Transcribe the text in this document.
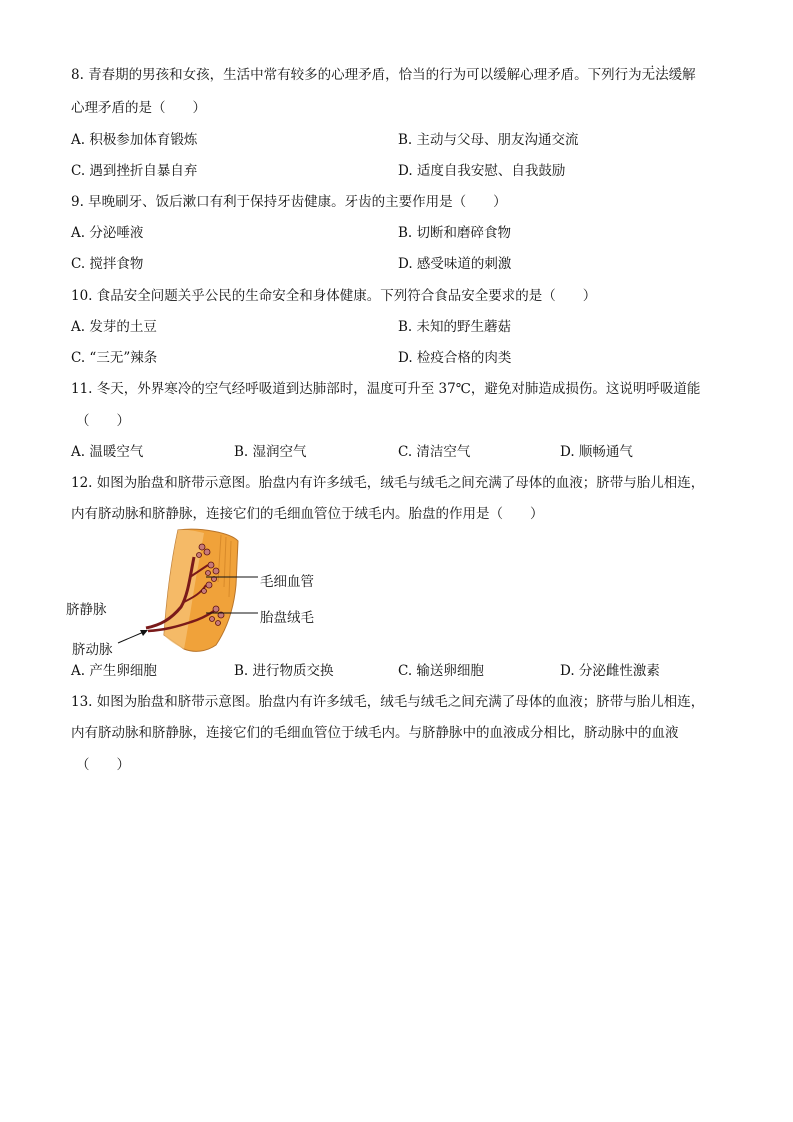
8. 青春期的男孩和女孩，生活中常有较多的心理矛盾，恰当的行为可以缓解心理矛盾。下列行为无法 · ·缓解
心理矛盾的是（　　）
A. 积极参加体育锻炼	B. 主动与父母、朋友沟通交流
C. 遇到挫折自暴自弃	D. 适度自我安慰、自我鼓励
9. 早晚刷牙、饭后漱口有利于保持牙齿健康。牙齿的主要作用是（　　）
A. 分泌唾液	B. 切断和磨碎食物
C. 搅拌食物	D. 感受味道的刺激
10. 食品安全问题关乎公民的生命安全和身体健康。下列符合食品安全要求的是（　　）
A. 发芽的土豆	B. 未知的野生蘑菇
C. “三无”辣条	D. 检疫合格的肉类
11. 冬天，外界寒冷的空气经呼吸道到达肺部时，温度可升至 37℃，避免对肺造成损伤。这说明呼吸道能
（　　）
A. 温暖空气	B. 湿润空气	C. 清洁空气	D. 顺畅通气
12. 如图为胎盘和脐带示意图。胎盘内有许多绒毛，绒毛与绒毛之间充满了母体的血液；脐带与胎儿相连，
内有脐动脉和脐静脉，连接它们的毛细血管位于绒毛内。胎盘的作用是（　　）
毛细血管
胎盘绒毛
脐静脉
脐动脉
A. 产生卵细胞	B. 进行物质交换	C. 输送卵细胞	D. 分泌雌性激素
13. 如图为胎盘和脐带示意图。胎盘内有许多绒毛，绒毛与绒毛之间充满了母体的血液；脐带与胎儿相连，
内有脐动脉和脐静脉，连接它们的毛细血管位于绒毛内。与脐静脉中的血液成分相比，脐动脉中的血液
（　　）
